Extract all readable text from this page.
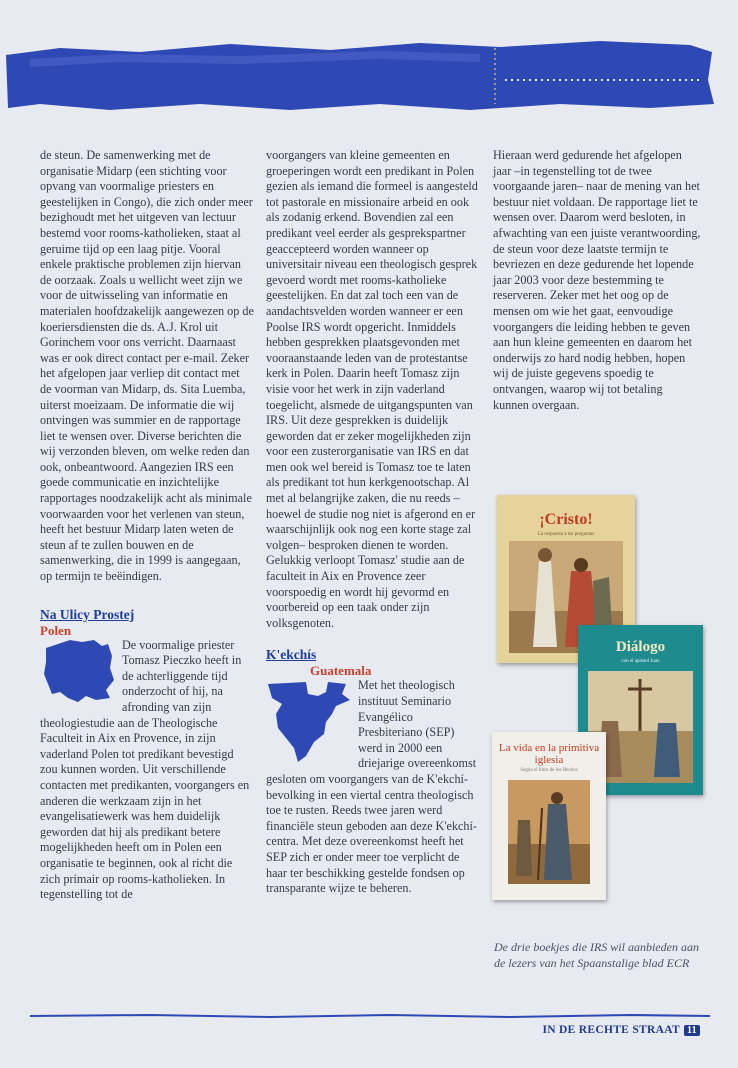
de steun. De samenwerking met de organisatie Midarp (een stichting voor opvang van voormalige priesters en geestelijken in Congo), die zich onder meer bezighoudt met het uitgeven van lectuur bestemd voor rooms-katholieken, staat al geruime tijd op een laag pitje. Vooral enkele praktische problemen zijn hiervan de oorzaak. Zoals u wellicht weet zijn we voor de uitwisseling van informatie en materialen hoofdzakelijk aangewezen op de koeriersdiensten die ds. A.J. Krol uit Gorinchem voor ons verricht. Daarnaast was er ook direct contact per e-mail. Zeker het afgelopen jaar verliep dit contact met de voorman van Midarp, ds. Sita Luemba, uiterst moeizaam. De informatie die wij ontvingen was summier en de rapportage liet te wensen over. Diverse berichten die wij verzonden bleven, om welke reden dan ook, onbeantwoord. Aangezien IRS een goede communicatie en inzichtelijke rapportages noodzakelijk acht als minimale voorwaarden voor het verlenen van steun, heeft het bestuur Midarp laten weten de steun af te zullen bouwen en de samenwerking, die in 1999 is aangegaan, op termijn te beëindigen.

Na Ulicy Prostej

Polen

De voormalige priester Tomasz Pieczko heeft in de achterliggende tijd onderzocht of hij, na afronding van zijn theologiestudie aan de Theologische Faculteit in Aix en Provence, in zijn vaderland Polen tot predikant bevestigd zou kunnen worden. Uit verschillende contacten met predikanten, voorgangers en anderen die werkzaam zijn in het evangelisatiewerk was hem duidelijk geworden dat hij als predikant betere mogelijkheden heeft om in Polen een organisatie te beginnen, ook al richt die zich primair op rooms-katholieken. In tegenstelling tot de

voorgangers van kleine gemeenten en groeperingen wordt een predikant in Polen gezien als iemand die formeel is aangesteld tot pastorale en missionaire arbeid en ook als zodanig erkend. Bovendien zal een predikant veel eerder als gesprekspartner geaccepteerd worden wanneer op universitair niveau een theologisch gesprek gevoerd wordt met rooms-katholieke geestelijken. En dat zal toch een van de aandachtsvelden worden wanneer er een Poolse IRS wordt opgericht. Inmiddels hebben gesprekken plaatsgevonden met vooraanstaande leden van de protestantse kerk in Polen. Daarin heeft Tomasz zijn visie voor het werk in zijn vaderland toegelicht, alsmede de uitgangspunten van IRS. Uit deze gesprekken is duidelijk geworden dat er zeker mogelijkheden zijn voor een zusterorganisatie van IRS en dat men ook wel bereid is Tomasz toe te laten als predikant tot hun kerkgenootschap. Al met al belangrijke zaken, die nu reeds –hoewel de studie nog niet is afgerond en er waarschijnlijk ook nog een korte stage zal volgen– besproken dienen te worden. Gelukkig verloopt Tomasz' studie aan de faculteit in Aix en Provence zeer voorspoedig en wordt hij gevormd en voorbereid op een taak onder zijn volksgenoten.

K'ekchís

Guatemala

Met het theologisch instituut Seminario Evangélico Presbiteriano (SEP) werd in 2000 een driejarige overeenkomst gesloten om voorgangers van de K'ekchí-bevolking in een viertal centra theologisch toe te rusten. Reeds twee jaren werd financiële steun geboden aan deze K'ekchí-centra. Met deze overeenkomst heeft het SEP zich er onder meer toe verplicht de haar ter beschikking gestelde fondsen op transparante wijze te beheren.

Hieraan werd gedurende het afgelopen jaar –in tegenstelling tot de twee voorgaande jaren– naar de mening van het bestuur niet voldaan. De rapportage liet te wensen over. Daarom werd besloten, in afwachting van een juiste verantwoording, de steun voor deze laatste termijn te bevriezen en deze gedurende het lopende jaar 2003 voor deze bestemming te reserveren. Zeker met het oog op de mensen om wie het gaat, eenvoudige voorgangers die leiding hebben te geven aan hun kleine gemeenten en daarom het onderwijs zo hard nodig hebben, hopen wij de juiste gegevens spoedig te ontvangen, waarop wij tot betaling kunnen overgaan.

¡Cristo!
La respuesta a tus preguntas
Diálogo
con el apóstol Juan
La vida en la primitiva iglesia
Según el libro de los Hechos

De drie boekjes die IRS wil aanbieden aan de lezers van het Spaanstalige blad ECR

IN DE RECHTE STRAAT 11
